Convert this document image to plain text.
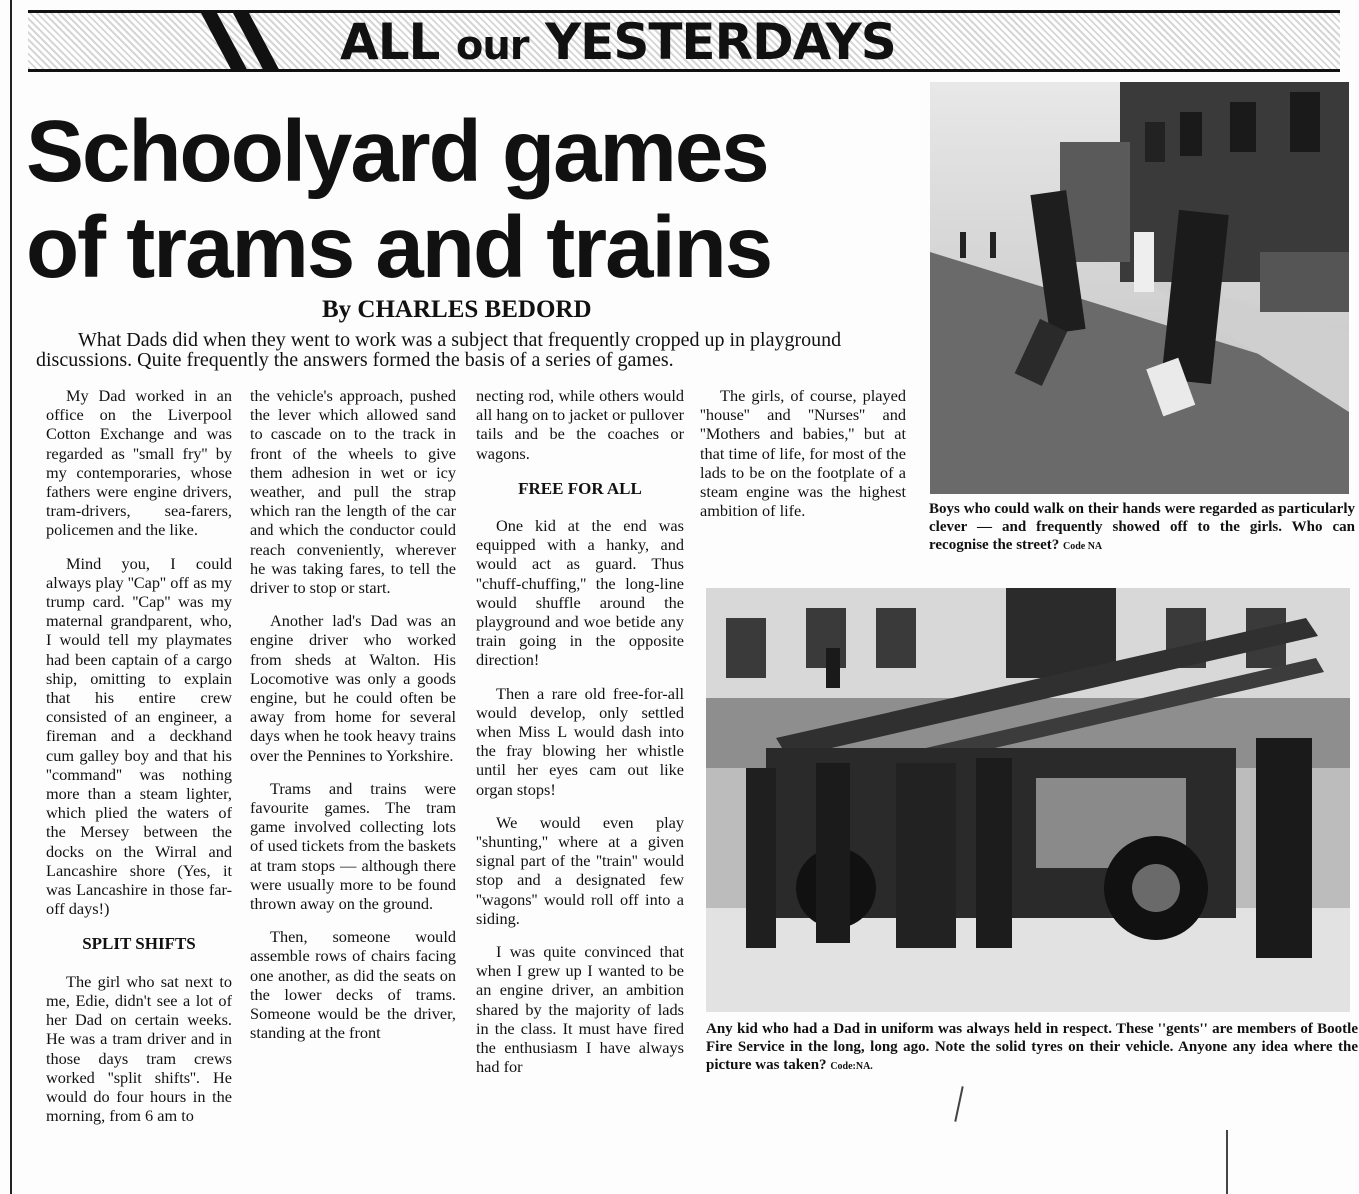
ALL our YESTERDAYS
Schoolyard games
of trams and trains
By CHARLES BEDORD

What Dads did when they went to work was a subject that frequently cropped up in playground discussions. Quite frequently the answers formed the basis of a series of games.

My Dad worked in an office on the Liverpool Cotton Exchange and was regarded as ''small fry'' by my contemporaries, whose fathers were engine drivers, tram-drivers, sea-farers, policemen and the like.

Mind you, I could always play ''Cap'' off as my trump card. ''Cap'' was my maternal grandparent, who, I would tell my playmates had been captain of a cargo ship, omitting to explain that his entire crew consisted of an engineer, a fireman and a deckhand cum galley boy and that his ''command'' was nothing more than a steam lighter, which plied the waters of the Mersey between the docks on the Wirral and Lancashire shore (Yes, it was Lancashire in those far-off days!)

SPLIT SHIFTS

The girl who sat next to me, Edie, didn't see a lot of her Dad on certain weeks. He was a tram driver and in those days tram crews worked ''split shifts''. He would do four hours in the morning, from 6 am to

the vehicle's approach, pushed the lever which allowed sand to cascade on to the track in front of the wheels to give them adhesion in wet or icy weather, and pull the strap which ran the length of the car and which the conductor could reach conveniently, wherever he was taking fares, to tell the driver to stop or start.

Another lad's Dad was an engine driver who worked from sheds at Walton. His Locomotive was only a goods engine, but he could often be away from home for several days when he took heavy trains over the Pennines to Yorkshire.

Trams and trains were favourite games. The tram game involved collecting lots of used tickets from the baskets at tram stops — although there were usually more to be found thrown away on the ground.

Then, someone would assemble rows of chairs facing one another, as did the seats on the lower decks of trams. Someone would be the driver, standing at the front

necting rod, while others would all hang on to jacket or pullover tails and be the coaches or wagons.

FREE FOR ALL

One kid at the end was equipped with a hanky, and would act as guard. Thus ''chuff-chuffing,'' the long-line would shuffle around the playground and woe betide any train going in the opposite direction!

Then a rare old free-for-all would develop, only settled when Miss L would dash into the fray blowing her whistle until her eyes cam out like organ stops!

We would even play ''shunting,'' where at a given signal part of the ''train'' would stop and a designated few ''wagons'' would roll off into a siding.

I was quite convinced that when I grew up I wanted to be an engine driver, an ambition shared by the majority of lads in the class. It must have fired the enthusiasm I have always had for

The girls, of course, played ''house'' and ''Nurses'' and ''Mothers and babies,'' but at that time of life, for most of the lads to be on the footplate of a steam engine was the highest ambition of life.	Boys who could walk on their hands were regarded as particularly clever — and frequently showed off to the girls. Who can recognise the street? Code NA

Any kid who had a Dad in uniform was always held in respect. These ''gents'' are members of Bootle Fire Service in the long, long ago. Note the solid tyres on their vehicle. Anyone any idea where the picture was taken? Code:NA.
